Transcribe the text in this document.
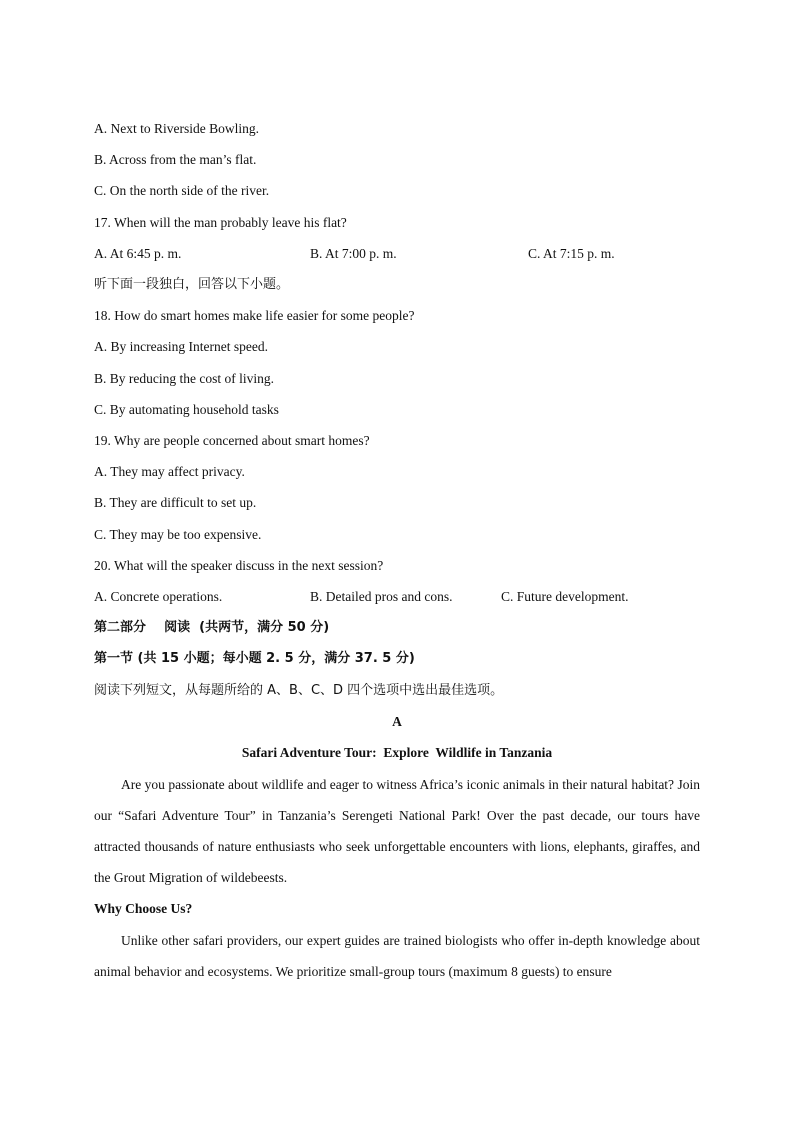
A. Next to Riverside Bowling.
B. Across from the man’s flat.
C. On the north side of the river.
17. When will the man probably leave his flat?
A. At 6:45 p. m.	B. At 7:00 p. m.	C. At 7:15 p. m.
听下面一段独白，回答以下小题。
18. How do smart homes make life easier for some people?
A. By increasing Internet speed.
B. By reducing the cost of living.
C. By automating household tasks
19. Why are people concerned about smart homes?
A. They may affect privacy.
B. They are difficult to set up.
C. They may be too expensive.
20. What will the speaker discuss in the next session?
A. Concrete operations.	B. Detailed pros and cons.	C. Future development.
第二部分    阅读  (共两节，满分 50 分)
第一节 (共 15 小题；每小题 2. 5 分，满分 37. 5 分)
阅读下列短文，从每题所给的 A、B、C、D 四个选项中选出最佳选项。
A
Safari Adventure Tour:  Explore  Wildlife in Tanzania
Are you passionate about wildlife and eager to witness Africa’s iconic animals in their natural habitat? Join our “Safari Adventure Tour” in Tanzania’s Serengeti National Park! Over the past decade, our tours have attracted thousands of nature enthusiasts who seek unforgettable encounters with lions, elephants, giraffes, and the Grout Migration of wildebeests.
Why Choose Us?
Unlike other safari providers, our expert guides are trained biologists who offer in-depth knowledge about animal behavior and ecosystems. We prioritize small-group tours (maximum 8 guests) to ensure
